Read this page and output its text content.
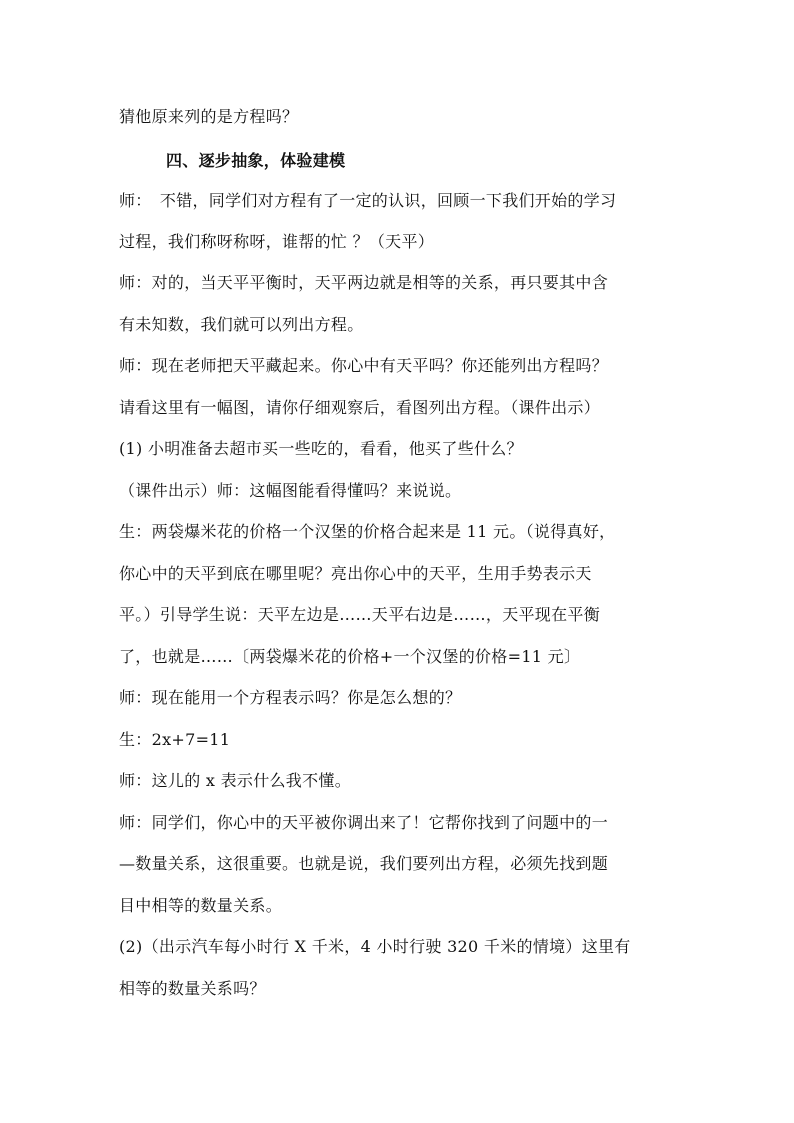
猜他原来列的是方程吗？
四、逐步抽象，体验建模
师：　不错，同学们对方程有了一定的认识，回顾一下我们开始的学习
过程，我们称呀称呀，谁帮的忙 ？（天平）
师：对的，当天平平衡时，天平两边就是相等的关系，再只要其中含
有未知数，我们就可以列出方程。
师：现在老师把天平藏起来。你心中有天平吗？你还能列出方程吗？
请看这里有一幅图，请你仔细观察后，看图列出方程。（课件出示）
(1) 小明准备去超市买一些吃的，看看，他买了些什么？
（课件出示）师：这幅图能看得懂吗？来说说。
生：两袋爆米花的价格一个汉堡的价格合起来是 11 元。（说得真好，
你心中的天平到底在哪里呢？亮出你心中的天平，生用手势表示天
平。）引导学生说：天平左边是……天平右边是……，天平现在平衡
了，也就是……〔两袋爆米花的价格+一个汉堡的价格=11 元〕
师：现在能用一个方程表示吗？你是怎么想的？
生：2x+7=11
师：这儿的 x 表示什么我不懂。
师：同学们，你心中的天平被你调出来了！它帮你找到了问题中的一
—数量关系，这很重要。也就是说，我们要列出方程，必须先找到题
目中相等的数量关系。
(2)（出示汽车每小时行 X 千米，4 小时行驶 320 千米的情境）这里有
相等的数量关系吗？
